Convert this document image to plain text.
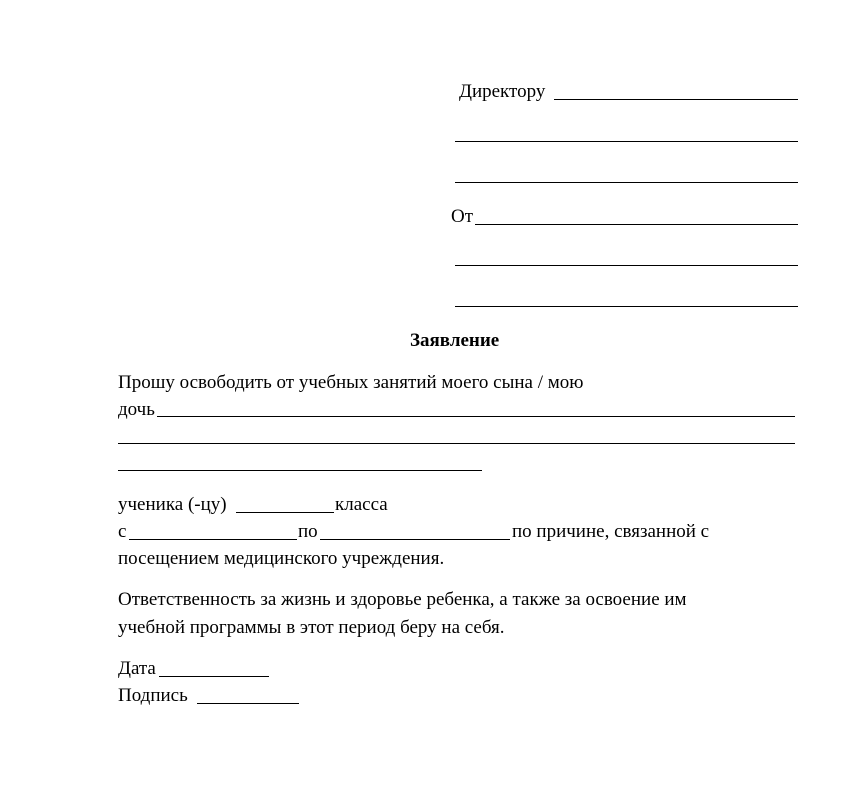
Директору
От
Заявление
Прошу освободить от учебных занятий моего сына / мою
дочь
ученика (-цу)	класса
с	по	по причине, связанной с
посещением медицинского учреждения.
Ответственность за жизнь и здоровье ребенка, а также за освоение им
учебной программы в этот период беру на себя.
Дата
Подпись
